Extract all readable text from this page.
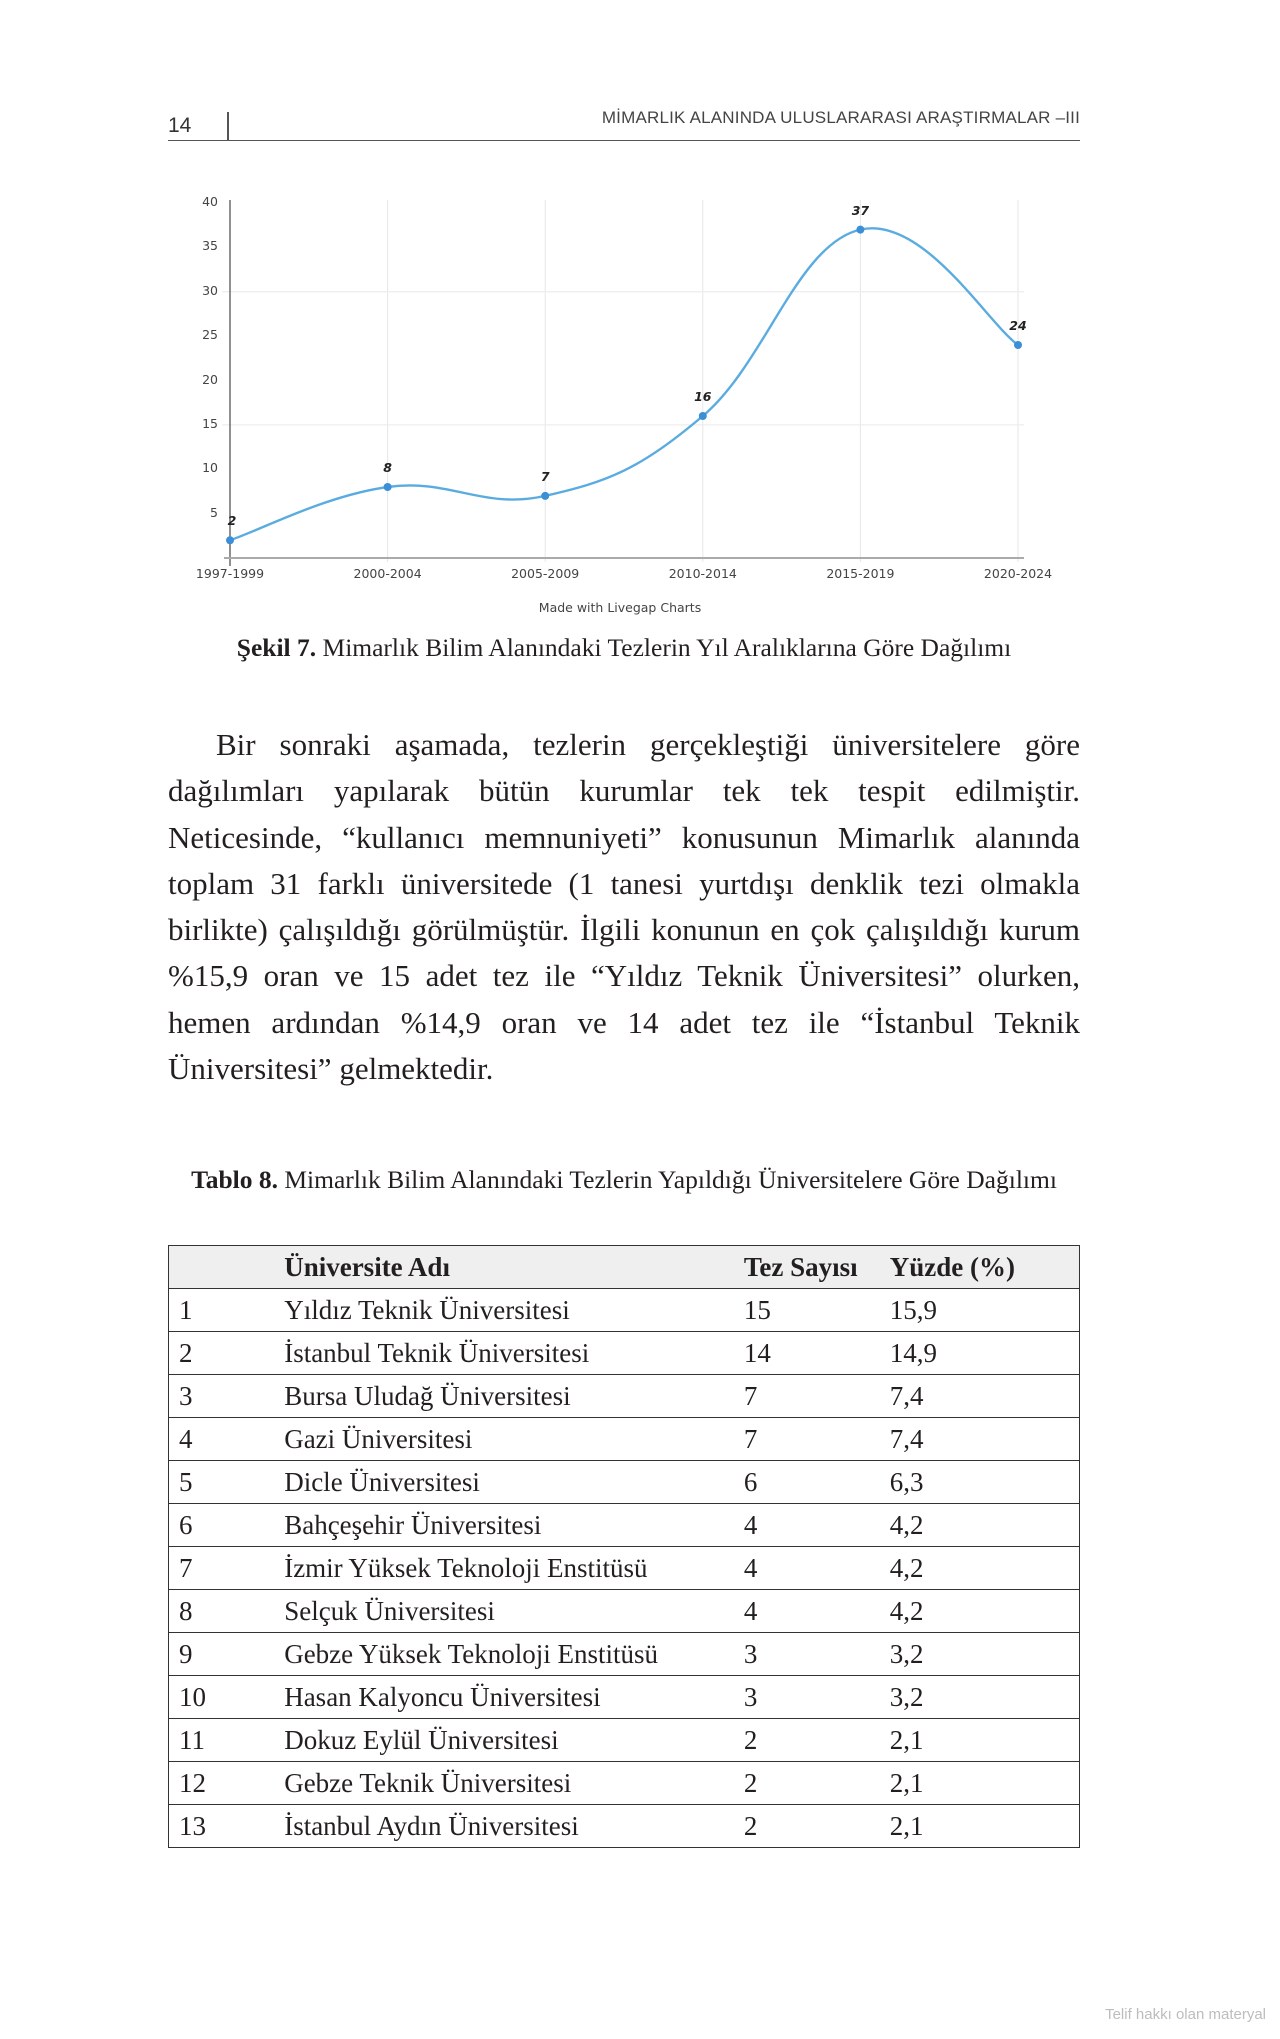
14	MİMARLIK ALANINDA ULUSLARARASI ARAŞTIRMALAR –III
40
35
30
25
20
15
10
5
1997-1999	2000-2004	2005-2009	2010-2014	2015-2019	2020-2024
2
8
7
16
37
24
Made with Livegap Charts
Şekil 7. Mimarlık Bilim Alanındaki Tezlerin Yıl Aralıklarına Göre Dağılımı

Bir sonraki aşamada, tezlerin gerçekleştiği üniversitelere göre dağılımları yapılarak bütün kurumlar tek tek tespit edilmiştir. Neticesinde, “kullanıcı memnuniyeti” konusunun Mimarlık alanında toplam 31 farklı üniversitede (1 tanesi yurtdışı denklik tezi olmakla birlikte) çalışıldığı görülmüştür. İlgili konunun en çok çalışıldığı kurum %15,9 oran ve 15 adet tez ile “Yıldız Teknik Üniversitesi” olurken, hemen ardından %14,9 oran ve 14 adet tez ile “İstanbul Teknik Üniversitesi” gelmektedir.

Tablo 8. Mimarlık Bilim Alanındaki Tezlerin Yapıldığı Üniversitelere Göre Dağılımı
	Üniversite Adı	Tez Sayısı	Yüzde (%)
1	Yıldız Teknik Üniversitesi	15	15,9
2	İstanbul Teknik Üniversitesi	14	14,9
3	Bursa Uludağ Üniversitesi	7	7,4
4	Gazi Üniversitesi	7	7,4
5	Dicle Üniversitesi	6	6,3
6	Bahçeşehir Üniversitesi	4	4,2
7	İzmir Yüksek Teknoloji Enstitüsü	4	4,2
8	Selçuk Üniversitesi	4	4,2
9	Gebze Yüksek Teknoloji Enstitüsü	3	3,2
10	Hasan Kalyoncu Üniversitesi	3	3,2
11	Dokuz Eylül Üniversitesi	2	2,1
12	Gebze Teknik Üniversitesi	2	2,1
13	İstanbul Aydın Üniversitesi	2	2,1
Telif hakkı olan materyal
